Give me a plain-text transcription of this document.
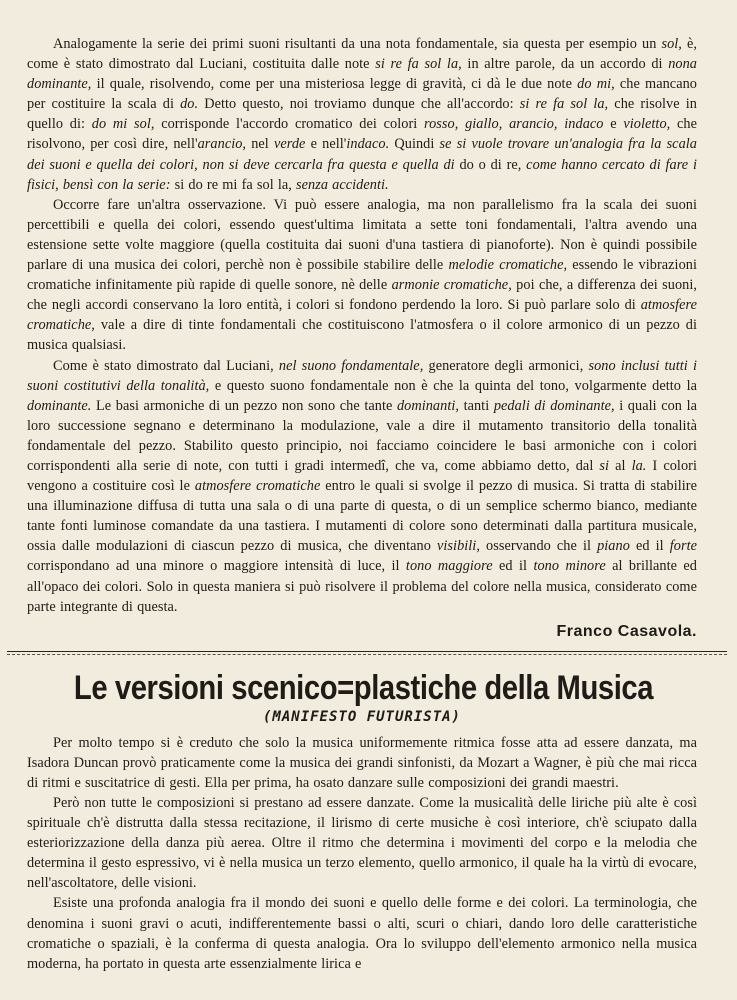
Analogamente la serie dei primi suoni risultanti da una nota fondamentale, sia questa per esempio un sol, è, come è stato dimostrato dal Luciani, costituita dalle note si re fa sol la, in altre parole, da un accordo di nona dominante, il quale, risolvendo, come per una misteriosa legge di gravità, ci dà le due note do mi, che mancano per costituire la scala di do. Detto questo, noi troviamo dunque che all'accordo: si re fa sol la, che risolve in quello di: do mi sol, corrisponde l'accordo cromatico dei colori rosso, giallo, arancio, indaco e violetto, che risolvono, per così dire, nell'arancio, nel verde e nell'indaco. Quindi se si vuole trovare un'analogia fra la scala dei suoni e quella dei colori, non si deve cercarla fra questa e quella di do o di re, come hanno cercato di fare i fisici, bensì con la serie: si do re mi fa sol la, senza accidenti.

Occorre fare un'altra osservazione. Vi può essere analogia, ma non parallelismo fra la scala dei suoni percettibili e quella dei colori, essendo quest'ultima limitata a sette toni fondamentali, l'altra avendo una estensione sette volte maggiore (quella costituita dai suoni d'una tastiera di pianoforte). Non è quindi possibile parlare di una musica dei colori, perchè non è possibile stabilire delle melodie cromatiche, essendo le vibrazioni cromatiche infinitamente più rapide di quelle sonore, nè delle armonie cromatiche, poi che, a differenza dei suoni, che negli accordi conservano la loro entità, i colori si fondono perdendo la loro. Si può parlare solo di atmosfere cromatiche, vale a dire di tinte fondamentali che costituiscono l'atmosfera o il colore armonico di un pezzo di musica qualsiasi.

Come è stato dimostrato dal Luciani, nel suono fondamentale, generatore degli armonici, sono inclusi tutti i suoni costitutivi della tonalità, e questo suono fondamentale non è che la quinta del tono, volgarmente detto la dominante. Le basi armoniche di un pezzo non sono che tante dominanti, tanti pedali di dominante, i quali con la loro successione segnano e determinano la modulazione, vale a dire il mutamento transitorio della tonalità fondamentale del pezzo. Stabilito questo principio, noi facciamo coincidere le basi armoniche con i colori corrispondenti alla serie di note, con tutti i gradi intermedî, che va, come abbiamo detto, dal si al la. I colori vengono a costituire così le atmosfere cromatiche entro le quali si svolge il pezzo di musica. Si tratta di stabilire una illuminazione diffusa di tutta una sala o di una parte di questa, o di un semplice schermo bianco, mediante tante fonti luminose comandate da una tastiera. I mutamenti di colore sono determinati dalla partitura musicale, ossia dalle modulazioni di ciascun pezzo di musica, che diventano visibili, osservando che il piano ed il forte corrispondano ad una minore o maggiore intensità di luce, il tono maggiore ed il tono minore al brillante ed all'opaco dei colori. Solo in questa maniera si può risolvere il problema del colore nella musica, considerato come parte integrante di questa.

Franco Casavola.
Le versioni scenico=plastiche della Musica
(MANIFESTO FUTURISTA)

Per molto tempo si è creduto che solo la musica uniformemente ritmica fosse atta ad essere danzata, ma Isadora Duncan provò praticamente come la musica dei grandi sinfonisti, da Mozart a Wagner, è più che mai ricca di ritmi e suscitatrice di gesti. Ella per prima, ha osato danzare sulle composizioni dei grandi maestri.

Però non tutte le composizioni si prestano ad essere danzate. Come la musicalità delle liriche più alte è così spirituale ch'è distrutta dalla stessa recitazione, il lirismo di certe musiche è così interiore, ch'è sciupato dalla esteriorizzazione della danza più aerea. Oltre il ritmo che determina i movimenti del corpo e la melodia che determina il gesto espressivo, vi è nella musica un terzo elemento, quello armonico, il quale ha la virtù di evocare, nell'ascoltatore, delle visioni.

Esiste una profonda analogia fra il mondo dei suoni e quello delle forme e dei colori. La terminologia, che denomina i suoni gravi o acuti, indifferentemente bassi o alti, scuri o chiari, dando loro delle caratteristiche cromatiche o spaziali, è la conferma di questa analogia. Ora lo sviluppo dell'elemento armonico nella musica moderna, ha portato in questa arte essenzialmente lirica e
